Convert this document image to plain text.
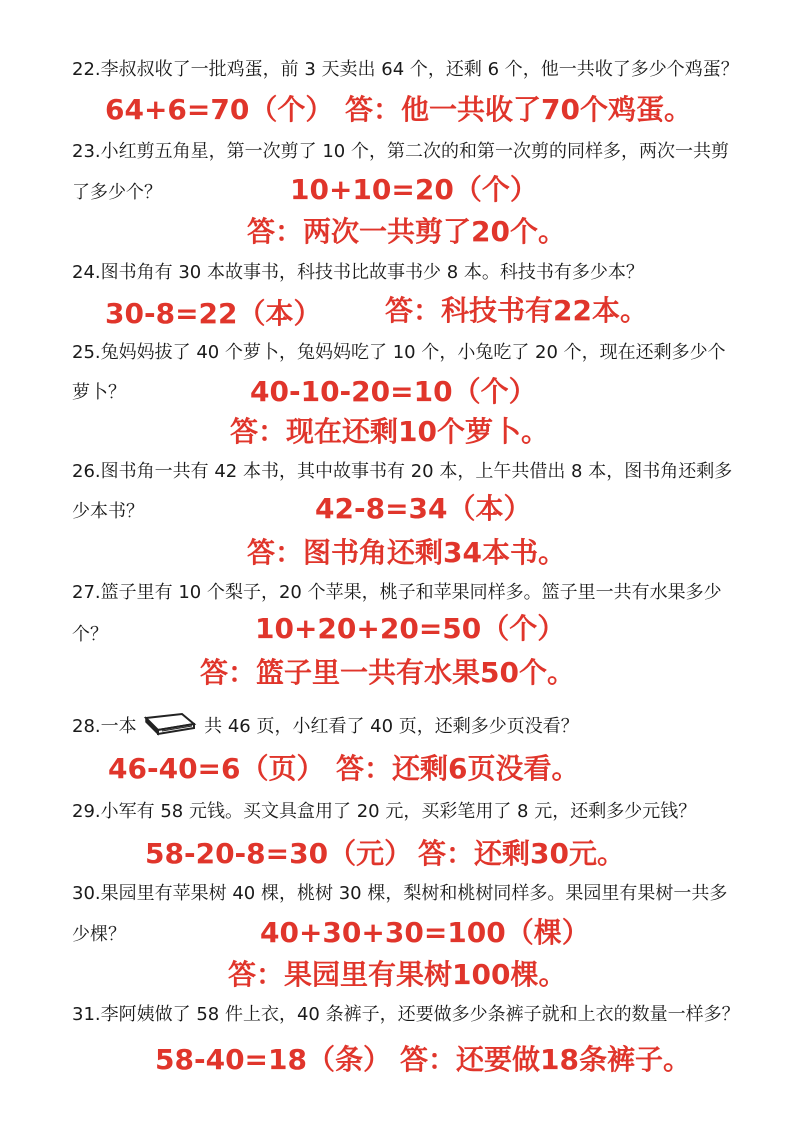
22.李叔叔收了一批鸡蛋，前 3 天卖出 64 个，还剩 6 个，他一共收了多少个鸡蛋？
64+6=70（个） 答：他一共收了70个鸡蛋。
23.小红剪五角星，第一次剪了 10 个，第二次的和第一次剪的同样多，两次一共剪
了多少个？	10+10=20（个）
答：两次一共剪了20个。
24.图书角有 30 本故事书，科技书比故事书少 8 本。科技书有多少本？
30-8=22（本） 答：科技书有22本。
25.兔妈妈拔了 40 个萝卜，兔妈妈吃了 10 个，小兔吃了 20 个，现在还剩多少个
萝卜？	40-10-20=10（个）
答：现在还剩10个萝卜。
26.图书角一共有 42 本书，其中故事书有 20 本，上午共借出 8 本，图书角还剩多
少本书？	42-8=34（本）
答：图书角还剩34本书。
27.篮子里有 10 个梨子，20 个苹果，桃子和苹果同样多。篮子里一共有水果多少
个？	10+20+20=50（个）
答：篮子里一共有水果50个。
28.一本	共 46 页，小红看了 40 页，还剩多少页没看？
46-40=6（页） 答：还剩6页没看。
29.小军有 58 元钱。买文具盒用了 20 元，买彩笔用了 8 元，还剩多少元钱？
58-20-8=30（元） 答：还剩30元。
30.果园里有苹果树 40 棵，桃树 30 棵，梨树和桃树同样多。果园里有果树一共多
少棵？	40+30+30=100（棵）
答：果园里有果树100棵。
31.李阿姨做了 58 件上衣，40 条裤子，还要做多少条裤子就和上衣的数量一样多？
58-40=18（条） 答：还要做18条裤子。
